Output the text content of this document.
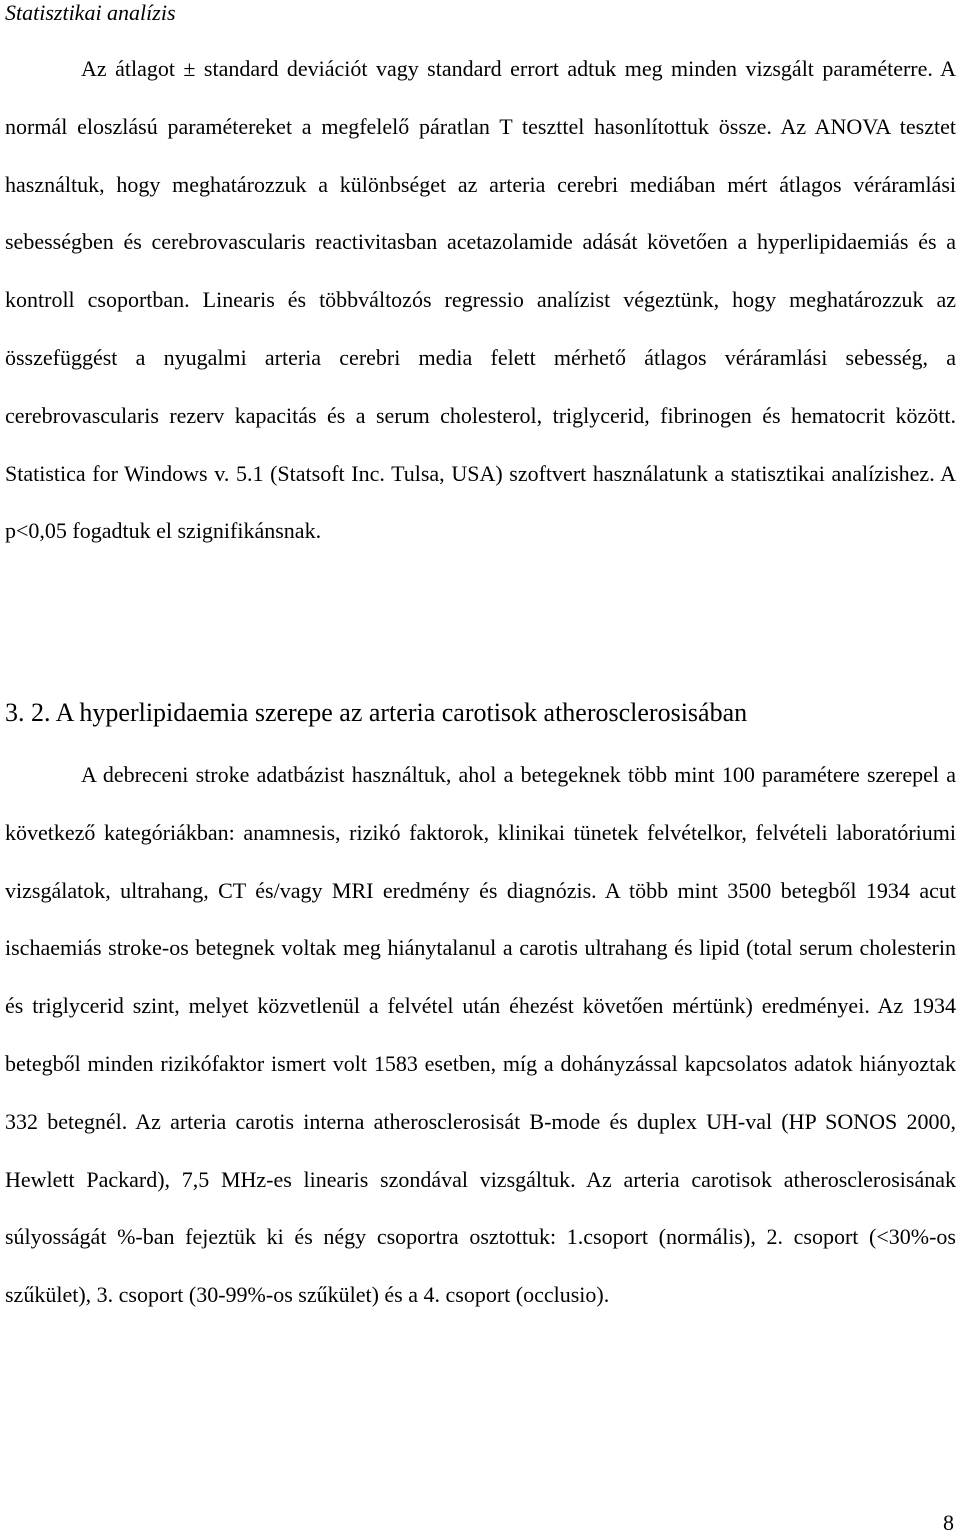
Statisztikai analízis

Az átlagot ± standard deviációt vagy standard errort adtuk meg minden vizsgált paraméterre. A normál eloszlású paramétereket a megfelelő páratlan T teszttel hasonlítottuk össze. Az ANOVA tesztet használtuk, hogy meghatározzuk a különbséget az arteria cerebri mediában mért átlagos véráramlási sebességben és cerebrovascularis reactivitasban acetazolamide adását követően a hyperlipidaemiás és a kontroll csoportban. Linearis és többváltozós regressio analízist végeztünk, hogy meghatározzuk az összefüggést a nyugalmi arteria cerebri media felett mérhető átlagos véráramlási sebesség, a cerebrovascularis rezerv kapacitás és a serum cholesterol, triglycerid, fibrinogen és hematocrit között. Statistica for Windows v. 5.1 (Statsoft Inc. Tulsa, USA) szoftvert használatunk a statisztikai analízishez. A p<0,05 fogadtuk el szignifikánsnak.

3. 2. A hyperlipidaemia szerepe az arteria carotisok atherosclerosisában

A debreceni stroke adatbázist használtuk, ahol a betegeknek több mint 100 paramétere szerepel a következő kategóriákban: anamnesis, rizikó faktorok, klinikai tünetek felvételkor, felvételi laboratóriumi vizsgálatok, ultrahang, CT és/vagy MRI eredmény és diagnózis. A több mint 3500 betegből 1934 acut ischaemiás stroke-os betegnek voltak meg hiánytalanul a carotis ultrahang és lipid (total serum cholesterin és triglycerid szint, melyet közvetlenül a felvétel után éhezést követően mértünk) eredményei. Az 1934 betegből minden rizikófaktor ismert volt 1583 esetben, míg a dohányzással kapcsolatos adatok hiányoztak 332 betegnél. Az arteria carotis interna atherosclerosisát B-mode és duplex UH-val (HP SONOS 2000, Hewlett Packard), 7,5 MHz-es linearis szondával vizsgáltuk. Az arteria carotisok atherosclerosisának súlyosságát %-ban fejeztük ki és négy csoportra osztottuk: 1.csoport (normális), 2. csoport (<30%-os szűkület), 3. csoport (30-99%-os szűkület) és a 4. csoport (occlusio).

8
